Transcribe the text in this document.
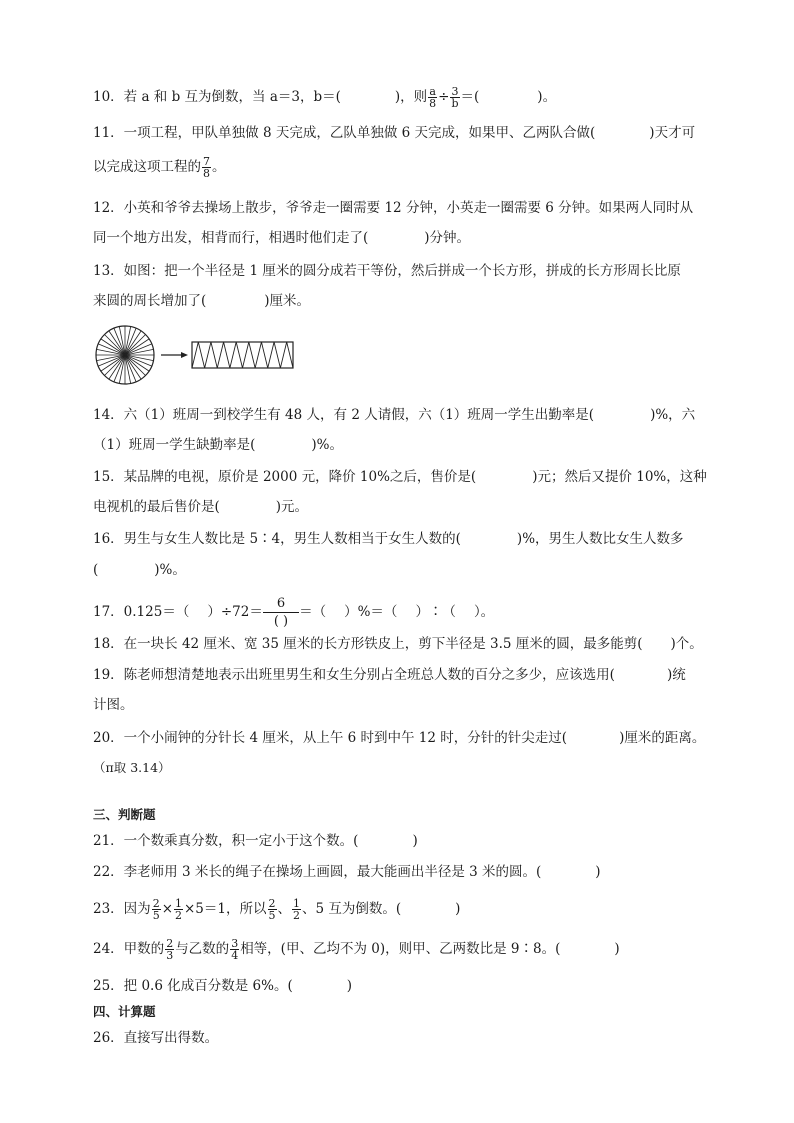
10．若 a 和 b 互为倒数，当 a＝3，b＝(	)，则 $\frac{a}{8} \div \frac{3}{b}$ ＝(	)。
11．一项工程，甲队单独做 8 天完成，乙队单独做 6 天完成，如果甲、乙两队合做(	)天才可
以完成这项工程的 $\frac{7}{8}$ 。
12．小英和爷爷去操场上散步，爷爷走一圈需要 12 分钟，小英走一圈需要 6 分钟。如果两人同时从
同一个地方出发，相背而行，相遇时他们走了(	)分钟。
13．如图：把一个半径是 1 厘米的圆分成若干等份，然后拼成一个长方形，拼成的长方形周长比原
来圆的周长增加了(	)厘米。
14．六（1）班周一到校学生有 48 人，有 2 人请假，六（1）班周一学生出勤率是(	)%，六
（1）班周一学生缺勤率是(	)%。
15．某品牌的电视，原价是 2000 元，降价 10%之后，售价是(	)元；然后又提价 10%，这种
电视机的最后售价是(	)元。
16．男生与女生人数比是 5∶4，男生人数相当于女生人数的(	)%，男生人数比女生人数多
(	)%。
17．0.125＝（ ）÷72＝
6
( )
＝（ ）%＝（ ）∶（ ）。
18．在一块长 42 厘米、宽 35 厘米的长方形铁皮上，剪下半径是 3.5 厘米的圆，最多能剪( )个。
19．陈老师想清楚地表示出班里男生和女生分别占全班总人数的百分之多少，应该选用(	)统
计图。
20．一个小闹钟的分针长 4 厘米，从上午 6 时到中午 12 时，分针的针尖走过(	)厘米的距离。
（π取 3.14）
三、判断题
21．一个数乘真分数，积一定小于这个数。(	)
22．李老师用 3 米长的绳子在操场上画圆，最大能画出半径是 3 米的圆。(	)
23．因为 $\frac{2}{5} \times \frac{1}{2} \times 5=1$，所以 $\frac{2}{5}$ 、 $\frac{1}{2}$ 、5 互为倒数。(	)
24．甲数的 $\frac{2}{3}$ 与乙数的 $\frac{3}{4}$ 相等，(甲、乙均不为 0)，则甲、乙两数比是 9∶8。(	)
25．把 0.6 化成百分数是 6%。(	)
四、计算题
26．直接写出得数。
